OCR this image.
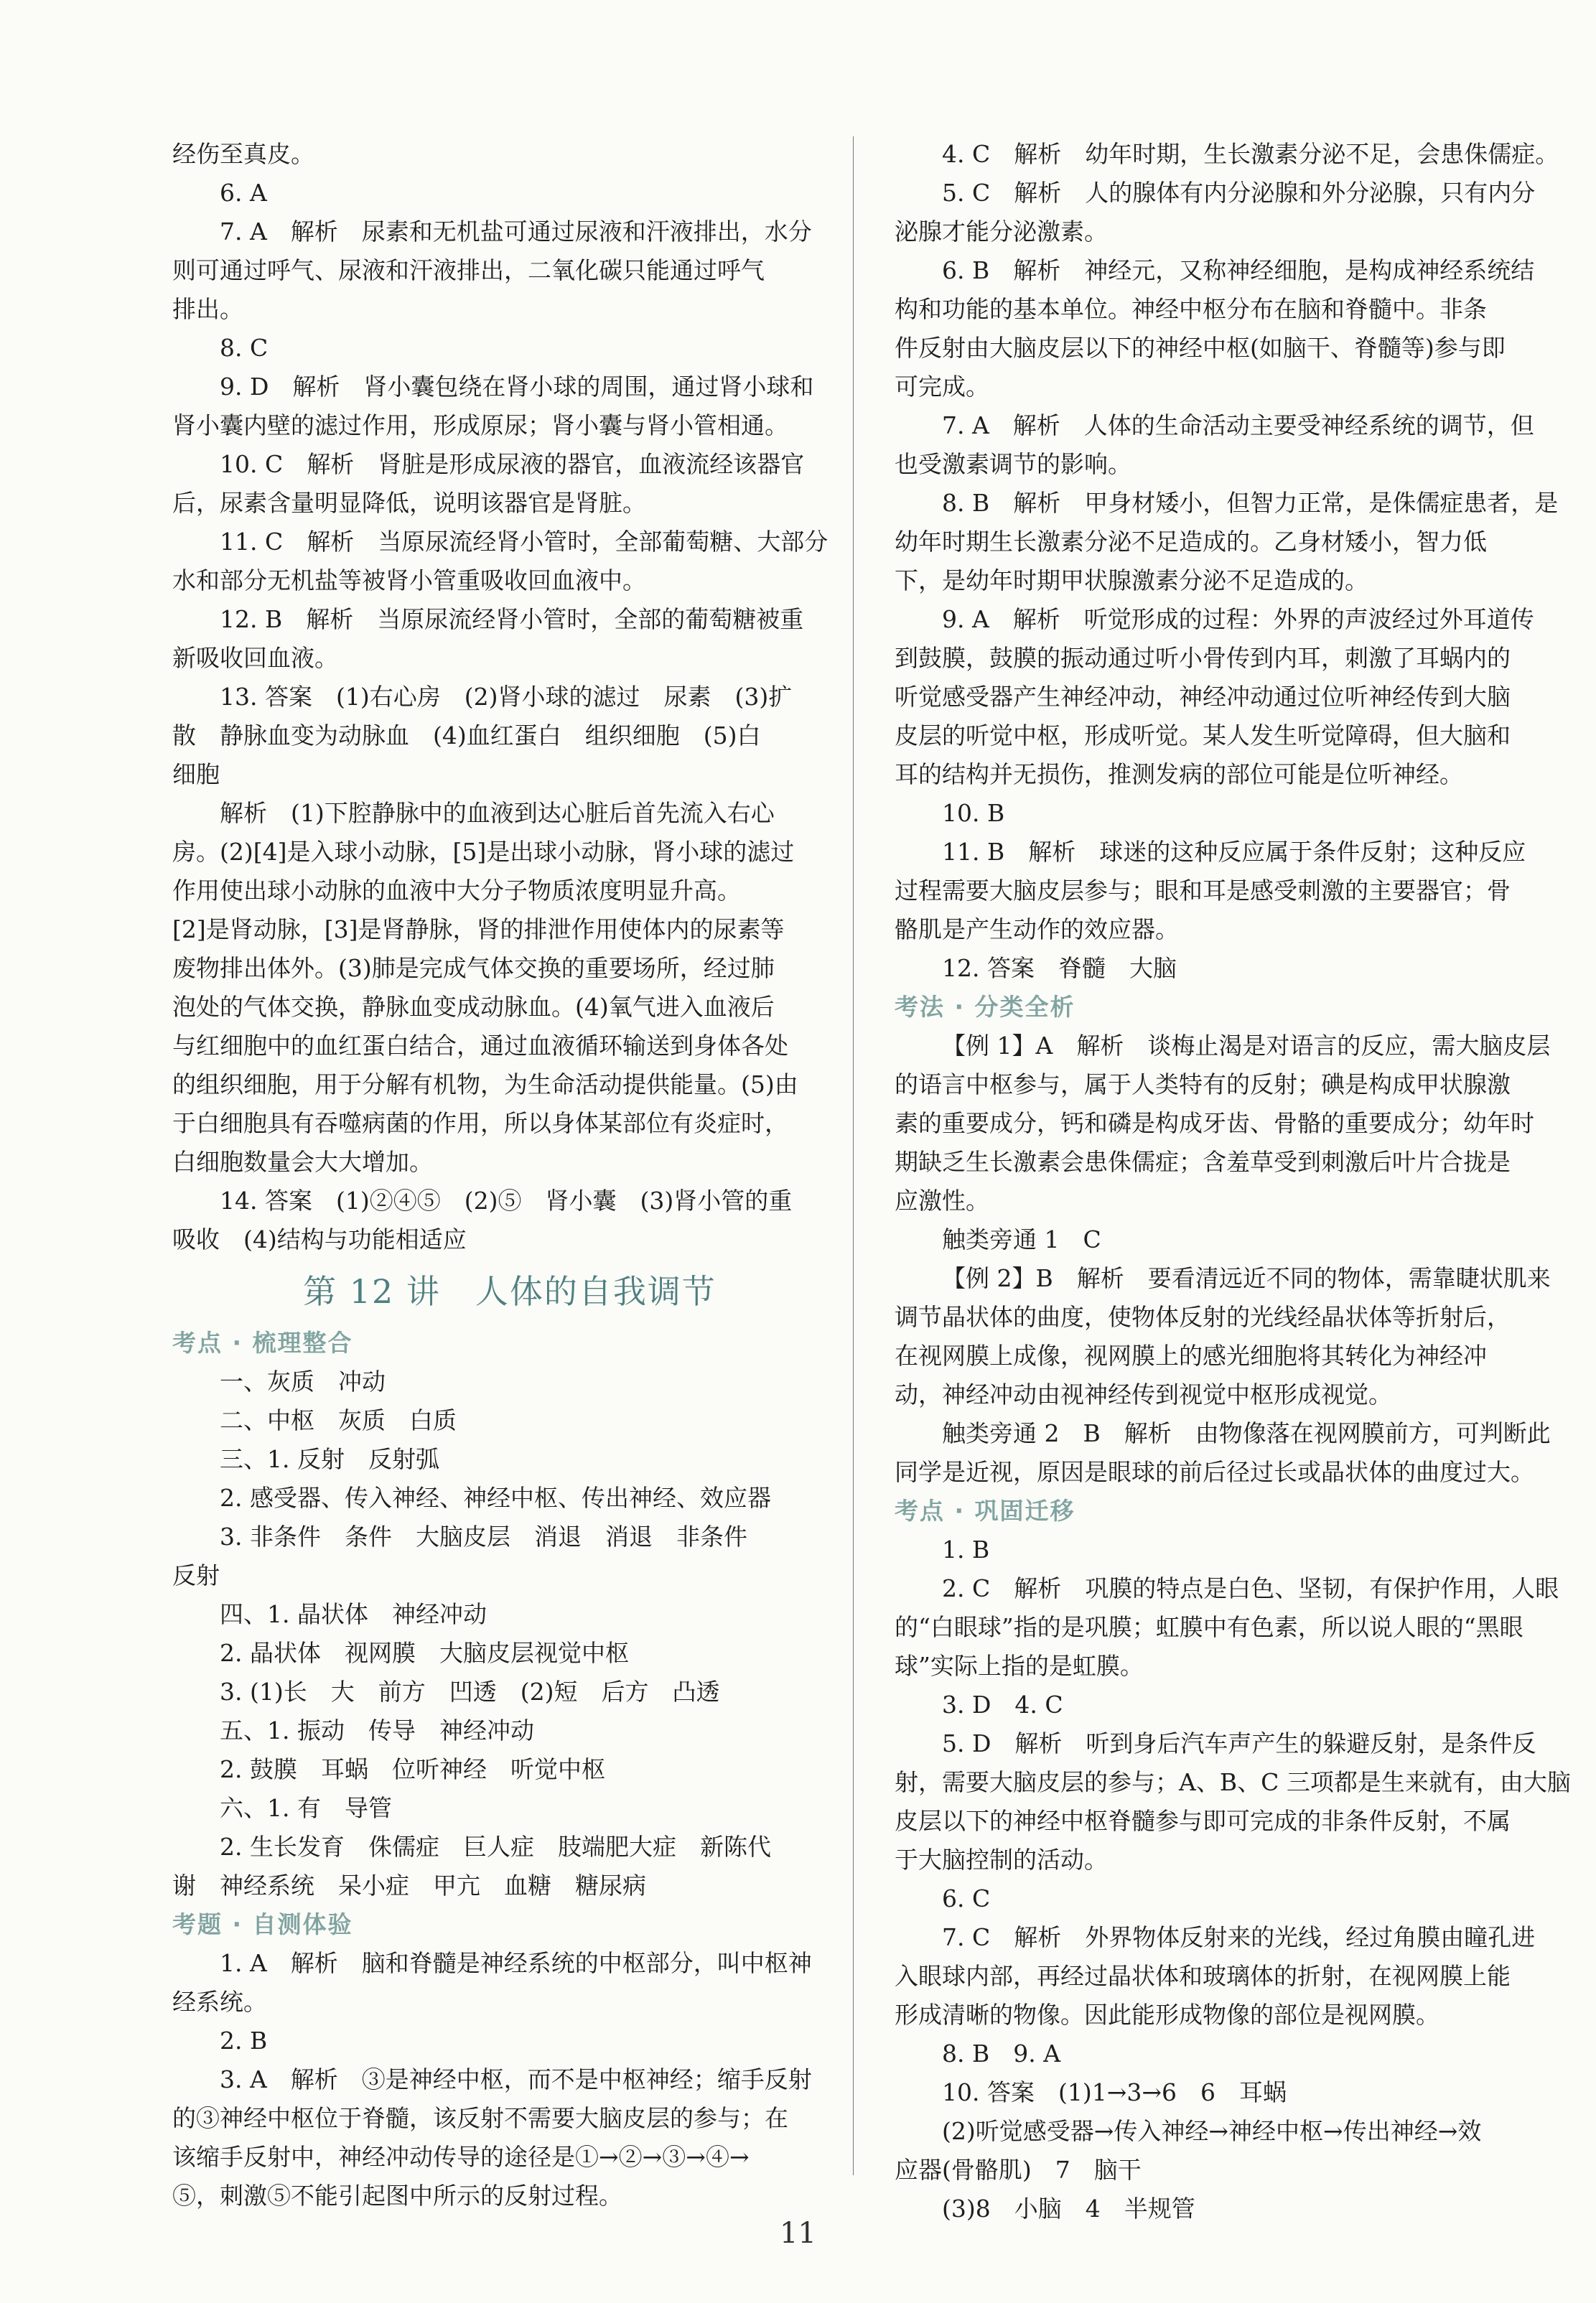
经伤至真皮。
6. A
7. A　解析　尿素和无机盐可通过尿液和汗液排出，水分
则可通过呼气、尿液和汗液排出，二氧化碳只能通过呼气
排出。
8. C
9. D　解析　肾小囊包绕在肾小球的周围，通过肾小球和
肾小囊内壁的滤过作用，形成原尿；肾小囊与肾小管相通。
10. C　解析　肾脏是形成尿液的器官，血液流经该器官
后，尿素含量明显降低，说明该器官是肾脏。
11. C　解析　当原尿流经肾小管时，全部葡萄糖、大部分
水和部分无机盐等被肾小管重吸收回血液中。
12. B　解析　当原尿流经肾小管时，全部的葡萄糖被重
新吸收回血液。
13. 答案　(1)右心房　(2)肾小球的滤过　尿素　(3)扩
散　静脉血变为动脉血　(4)血红蛋白　组织细胞　(5)白
细胞
解析　(1)下腔静脉中的血液到达心脏后首先流入右心
房。(2)[4]是入球小动脉，[5]是出球小动脉，肾小球的滤过
作用使出球小动脉的血液中大分子物质浓度明显升高。
[2]是肾动脉，[3]是肾静脉，肾的排泄作用使体内的尿素等
废物排出体外。(3)肺是完成气体交换的重要场所，经过肺
泡处的气体交换，静脉血变成动脉血。(4)氧气进入血液后
与红细胞中的血红蛋白结合，通过血液循环输送到身体各处
的组织细胞，用于分解有机物，为生命活动提供能量。(5)由
于白细胞具有吞噬病菌的作用，所以身体某部位有炎症时，
白细胞数量会大大增加。
14. 答案　(1)②④⑤　(2)⑤　肾小囊　(3)肾小管的重
吸收　(4)结构与功能相适应
第 12 讲　人体的自我调节
考点 · 梳理整合
一、灰质　冲动
二、中枢　灰质　白质
三、1. 反射　反射弧
2. 感受器、传入神经、神经中枢、传出神经、效应器
3. 非条件　条件　大脑皮层　消退　消退　非条件
反射
四、1. 晶状体　神经冲动
2. 晶状体　视网膜　大脑皮层视觉中枢
3. (1)长　大　前方　凹透　(2)短　后方　凸透
五、1. 振动　传导　神经冲动
2. 鼓膜　耳蜗　位听神经　听觉中枢
六、1. 有　导管
2. 生长发育　侏儒症　巨人症　肢端肥大症　新陈代
谢　神经系统　呆小症　甲亢　血糖　糖尿病
考题 · 自测体验
1. A　解析　脑和脊髓是神经系统的中枢部分，叫中枢神
经系统。
2. B
3. A　解析　③是神经中枢，而不是中枢神经；缩手反射
的③神经中枢位于脊髓，该反射不需要大脑皮层的参与；在
该缩手反射中，神经冲动传导的途径是①→②→③→④→
⑤，刺激⑤不能引起图中所示的反射过程。
4. C　解析　幼年时期，生长激素分泌不足，会患侏儒症。
5. C　解析　人的腺体有内分泌腺和外分泌腺，只有内分
泌腺才能分泌激素。
6. B　解析　神经元，又称神经细胞，是构成神经系统结
构和功能的基本单位。神经中枢分布在脑和脊髓中。非条
件反射由大脑皮层以下的神经中枢(如脑干、脊髓等)参与即
可完成。
7. A　解析　人体的生命活动主要受神经系统的调节，但
也受激素调节的影响。
8. B　解析　甲身材矮小，但智力正常，是侏儒症患者，是
幼年时期生长激素分泌不足造成的。乙身材矮小，智力低
下，是幼年时期甲状腺激素分泌不足造成的。
9. A　解析　听觉形成的过程：外界的声波经过外耳道传
到鼓膜，鼓膜的振动通过听小骨传到内耳，刺激了耳蜗内的
听觉感受器产生神经冲动，神经冲动通过位听神经传到大脑
皮层的听觉中枢，形成听觉。某人发生听觉障碍，但大脑和
耳的结构并无损伤，推测发病的部位可能是位听神经。
10. B
11. B　解析　球迷的这种反应属于条件反射；这种反应
过程需要大脑皮层参与；眼和耳是感受刺激的主要器官；骨
骼肌是产生动作的效应器。
12. 答案　脊髓　大脑
考法 · 分类全析
【例 1】A　解析　谈梅止渴是对语言的反应，需大脑皮层
的语言中枢参与，属于人类特有的反射；碘是构成甲状腺激
素的重要成分，钙和磷是构成牙齿、骨骼的重要成分；幼年时
期缺乏生长激素会患侏儒症；含羞草受到刺激后叶片合拢是
应激性。
触类旁通 1　C
【例 2】B　解析　要看清远近不同的物体，需靠睫状肌来
调节晶状体的曲度，使物体反射的光线经晶状体等折射后，
在视网膜上成像，视网膜上的感光细胞将其转化为神经冲
动，神经冲动由视神经传到视觉中枢形成视觉。
触类旁通 2　B　解析　由物像落在视网膜前方，可判断此
同学是近视，原因是眼球的前后径过长或晶状体的曲度过大。
考点 · 巩固迁移
1. B
2. C　解析　巩膜的特点是白色、坚韧，有保护作用，人眼
的“白眼球”指的是巩膜；虹膜中有色素，所以说人眼的“黑眼
球”实际上指的是虹膜。
3. D　4. C
5. D　解析　听到身后汽车声产生的躲避反射，是条件反
射，需要大脑皮层的参与；A、B、C 三项都是生来就有，由大脑
皮层以下的神经中枢脊髓参与即可完成的非条件反射，不属
于大脑控制的活动。
6. C
7. C　解析　外界物体反射来的光线，经过角膜由瞳孔进
入眼球内部，再经过晶状体和玻璃体的折射，在视网膜上能
形成清晰的物像。因此能形成物像的部位是视网膜。
8. B　9. A
10. 答案　(1)1→3→6　6　耳蜗
(2)听觉感受器→传入神经→神经中枢→传出神经→效
应器(骨骼肌)　7　脑干
(3)8　小脑　4　半规管
11
